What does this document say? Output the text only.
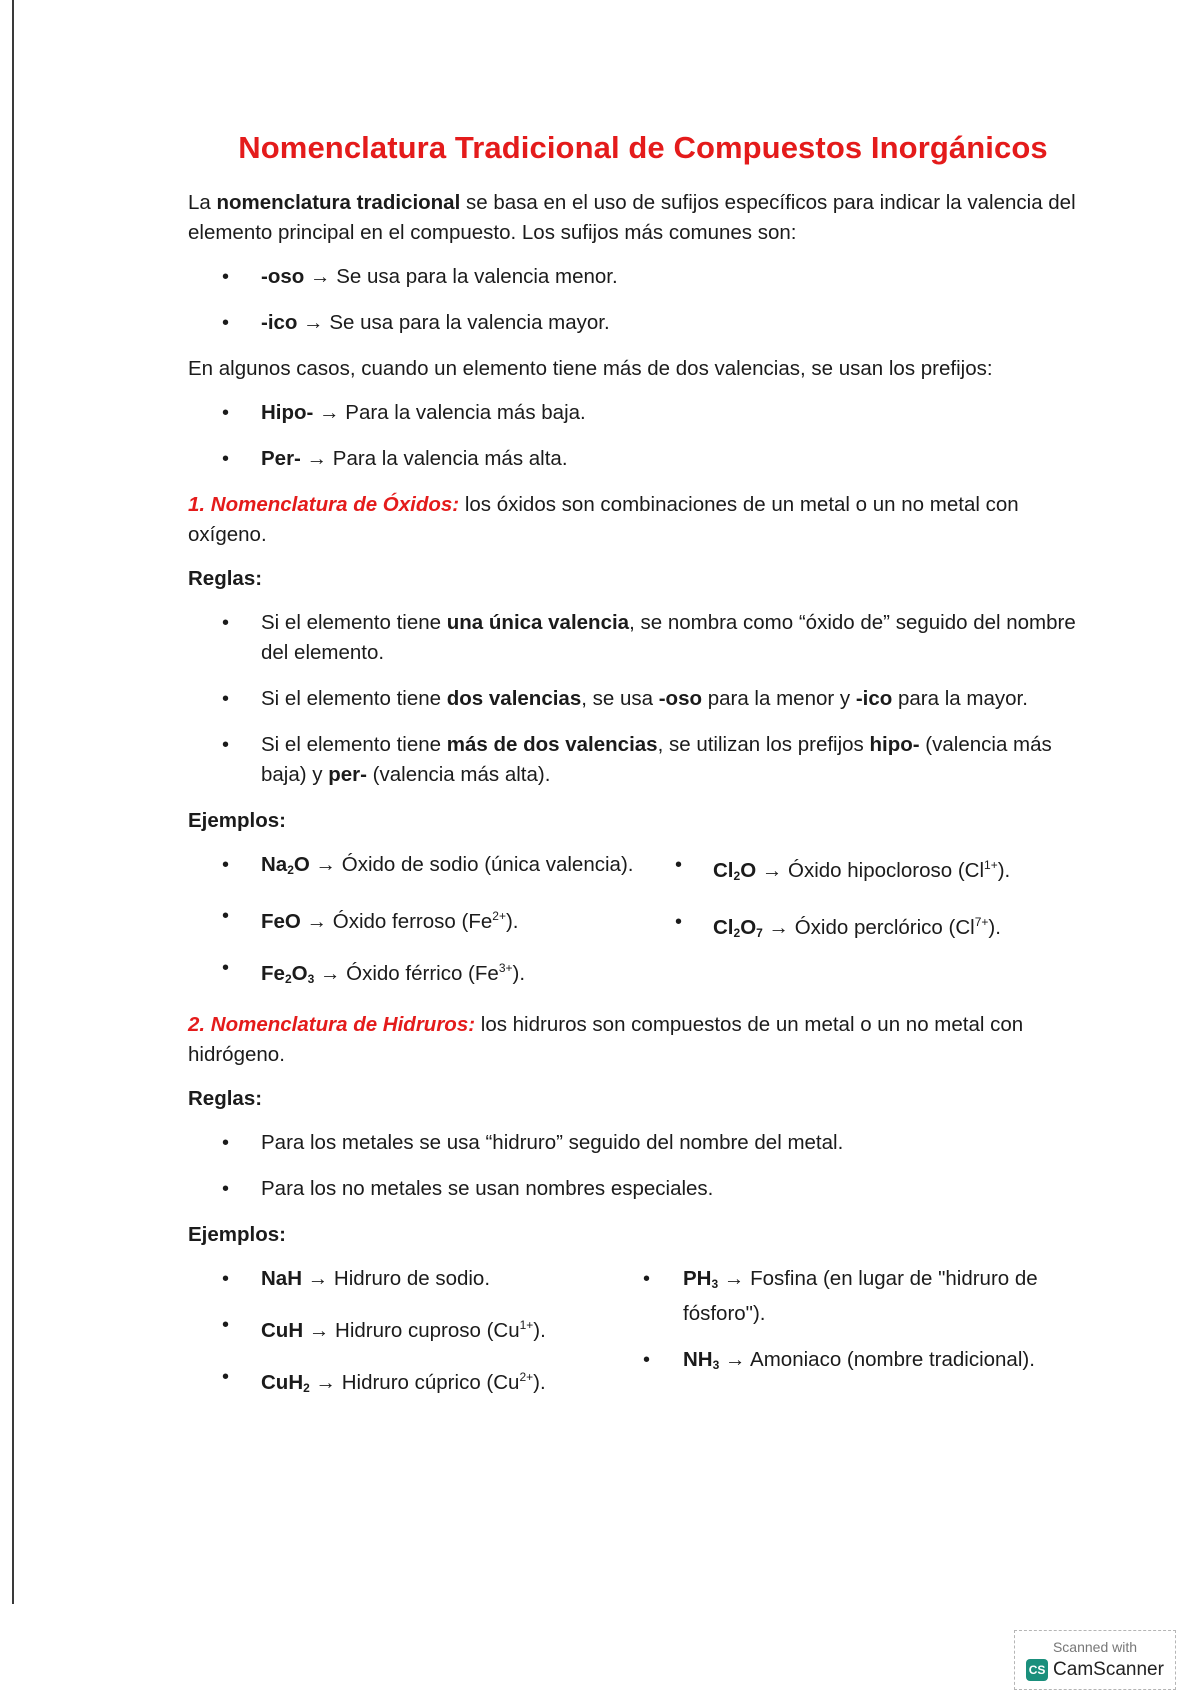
Nomenclatura Tradicional de Compuestos Inorgánicos

La nomenclatura tradicional se basa en el uso de sufijos específicos para indicar la valencia del elemento principal en el compuesto. Los sufijos más comunes son:

• -oso → Se usa para la valencia menor.
• -ico → Se usa para la valencia mayor.

En algunos casos, cuando un elemento tiene más de dos valencias, se usan los prefijos:

• Hipo- → Para la valencia más baja.
• Per- → Para la valencia más alta.

1. Nomenclatura de Óxidos: los óxidos son combinaciones de un metal o un no metal con oxígeno.

Reglas:

• Si el elemento tiene una única valencia, se nombra como “óxido de” seguido del nombre del elemento.
• Si el elemento tiene dos valencias, se usa -oso para la menor y -ico para la mayor.
• Si el elemento tiene más de dos valencias, se utilizan los prefijos hipo- (valencia más baja) y per- (valencia más alta).

Ejemplos:

• $Na_2O$ → Óxido de sodio (única valencia).
• FeO → Óxido ferroso $(Fe^{2+})$.
• $Fe_2O_3$ → Óxido férrico $(Fe^{3+})$.
• $Cl_2O$ → Óxido hipocloroso $(Cl^{1+})$.
• $Cl_2O_7$ → Óxido perclórico $(Cl^{7+})$.

2. Nomenclatura de Hidruros: los hidruros son compuestos de un metal o un no metal con hidrógeno.

Reglas:

• Para los metales se usa “hidruro” seguido del nombre del metal.
• Para los no metales se usan nombres especiales.

Ejemplos:

• NaH → Hidruro de sodio.
• CuH → Hidruro cuproso $(Cu^{1+})$.
• CuH$_2$ → Hidruro cúprico $(Cu^{2+})$.
• $PH_3$ → Fosfina (en lugar de "hidruro de fósforo").
• $NH_3$ → Amoniaco (nombre tradicional).
Scanned with
CS CamScanner
